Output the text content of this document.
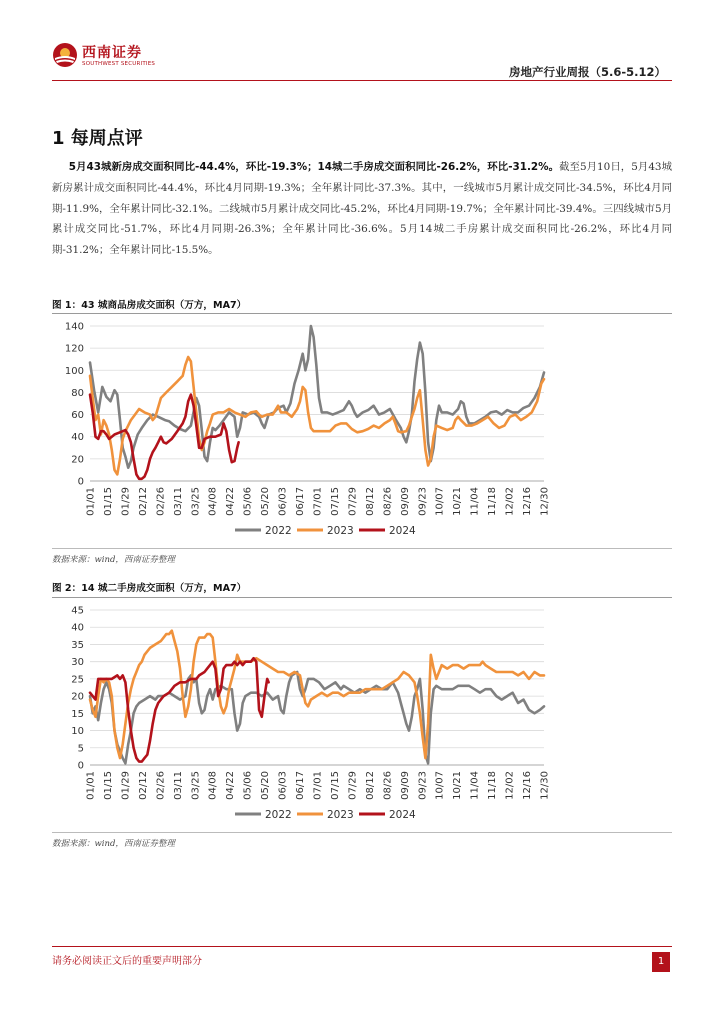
西南证券
SOUTHWEST SECURITIES
房地产行业周报（5.6-5.12）
1 每周点评
5月43城新房成交面积同比-44.4%，环比-19.3%；14城二手房成交面积同比-26.2%，环比-31.2%。截至5月10日，5月43城新房累计成交面积同比-44.4%，环比4月同期-19.3%；全年累计同比-37.3%。其中，一线城市5月累计成交同比-34.5%，环比4月同期-11.9%，全年累计同比-32.1%。二线城市5月累计成交同比-45.2%，环比4月同期-19.7%；全年累计同比-39.4%。三四线城市5月累计成交同比-51.7%，环比4月同期-26.3%；全年累计同比-36.6%。5月14城二手房累计成交面积同比-26.2%，环比4月同期-31.2%；全年累计同比-15.5%。
图 1：43 城商品房成交面积（万方，MA7）
0
20
40
60
80
100
120
140
01/01 01/15 01/29 02/12 02/26 03/11 03/25 04/08 04/22 05/06 05/20 06/03 06/17 07/01 07/15 07/29 08/12 08/26 09/09 09/23 10/07 10/21 11/04 11/18 12/02 12/16 12/30
2022	2023	2024
数据来源：wind，西南证券整理
图 2：14 城二手房成交面积（万方，MA7）
0
5
10
15
20
25
30
35
40
45
01/01 01/15 01/29 02/12 02/26 03/11 03/25 04/08 04/22 05/06 05/20 06/03 06/17 07/01 07/15 07/29 08/12 08/26 09/09 09/23 10/07 10/21 11/04 11/18 12/02 12/16 12/30
2022	2023	2024
数据来源：wind，西南证券整理
请务必阅读正文后的重要声明部分	1
